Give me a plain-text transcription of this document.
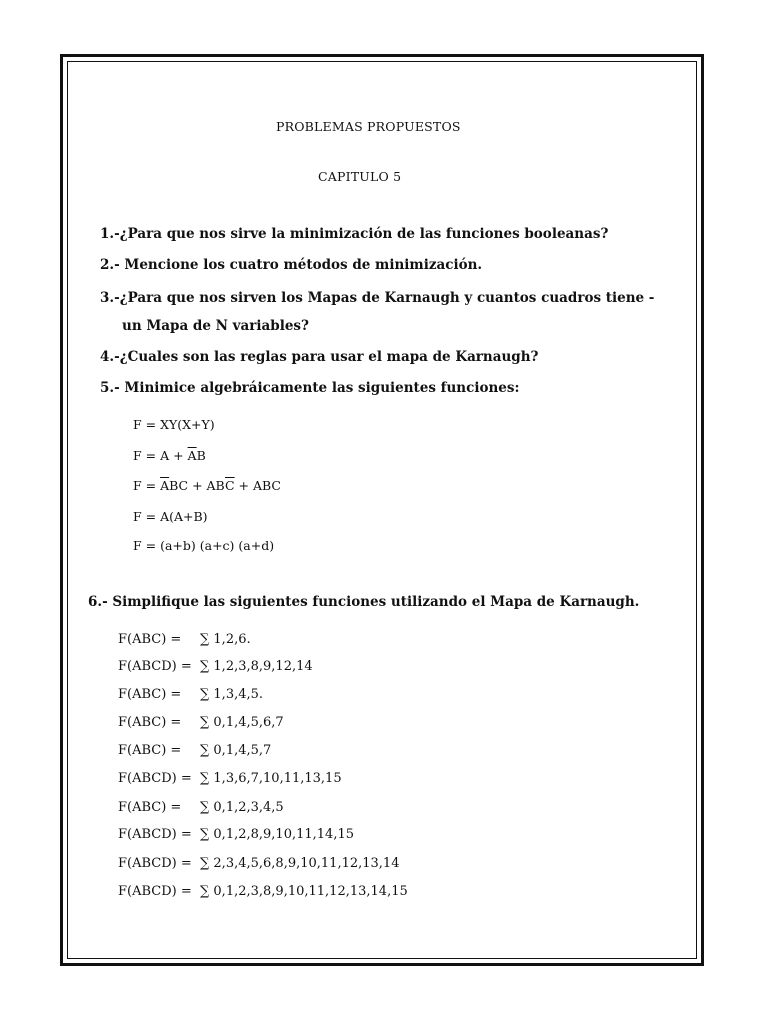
PROBLEMAS PROPUESTOS
CAPITULO 5
1.-¿Para que nos sirve la minimización de las funciones booleanas?
2.- Mencione los cuatro métodos de minimización.
3.-¿Para que nos sirven los Mapas de Karnaugh y cuantos cuadros tiene -
un Mapa de N variables?
4.-¿Cuales son las reglas para usar el mapa de Karnaugh?
5.- Minimice algebráicamente las siguientes funciones:
F = XY(X+Y)
$F = A + \overline{A}B$
$F = \overline{A}BC + AB\overline{C}$ + ABC
F = A(A+B)
F = (a+b) (a+c) (a+d)
6.- Simplifique las siguientes funciones utilizando el Mapa de Karnaugh.
F(ABC) = ∑ 1,2,6.
F(ABCD) = ∑ 1,2,3,8,9,12,14
F(ABC) = ∑ 1,3,4,5.
F(ABC) = ∑ 0,1,4,5,6,7
F(ABC) = ∑ 0,1,4,5,7
F(ABCD) = ∑ 1,3,6,7,10,11,13,15
F(ABC) = ∑ 0,1,2,3,4,5
F(ABCD) = ∑ 0,1,2,8,9,10,11,14,15
F(ABCD) = ∑ 2,3,4,5,6,8,9,10,11,12,13,14
F(ABCD) = ∑ 0,1,2,3,8,9,10,11,12,13,14,15
